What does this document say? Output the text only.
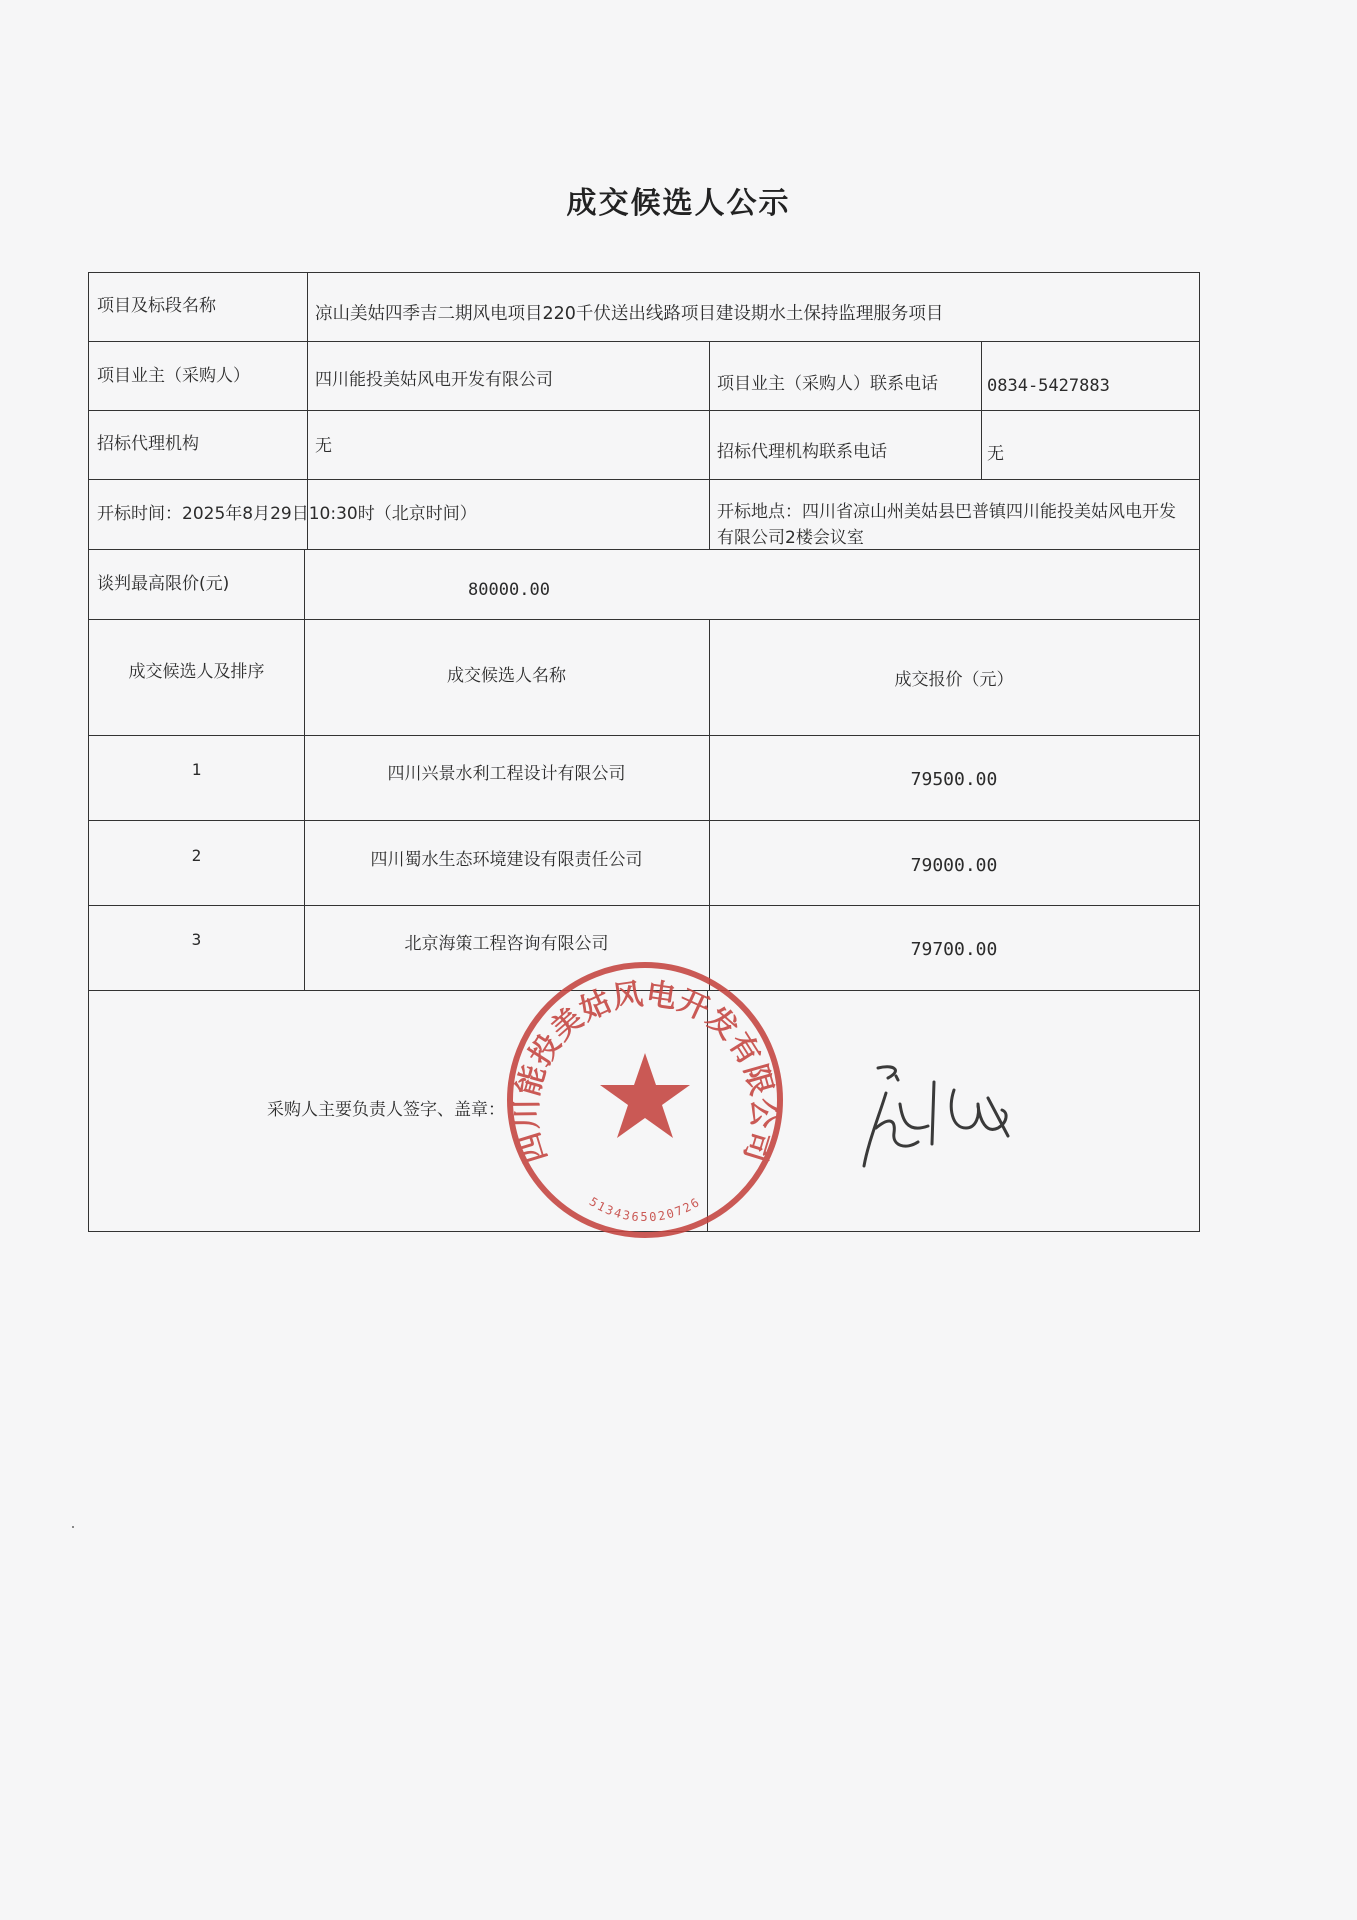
成交候选人公示
项目及标段名称	凉山美姑四季吉二期风电项目220千伏送出线路项目建设期水土保持监理服务项目
项目业主（采购人）	四川能投美姑风电开发有限公司	项目业主（采购人）联系电话	0834-5427883
招标代理机构	无	招标代理机构联系电话	无
开标时间：2025年8月29日10:30时（北京时间）	开标地点：四川省凉山州美姑县巴普镇四川能投美姑风电开发有限公司2楼会议室
谈判最高限价(元)	80000.00
成交候选人及排序	成交候选人名称	成交报价（元）
1	四川兴景水利工程设计有限公司	79500.00
2	四川蜀水生态环境建设有限责任公司	79000.00
3	北京海策工程咨询有限公司	79700.00
采购人主要负责人签字、盖章：
四川能投美姑风电开发有限公司
5134365020726
